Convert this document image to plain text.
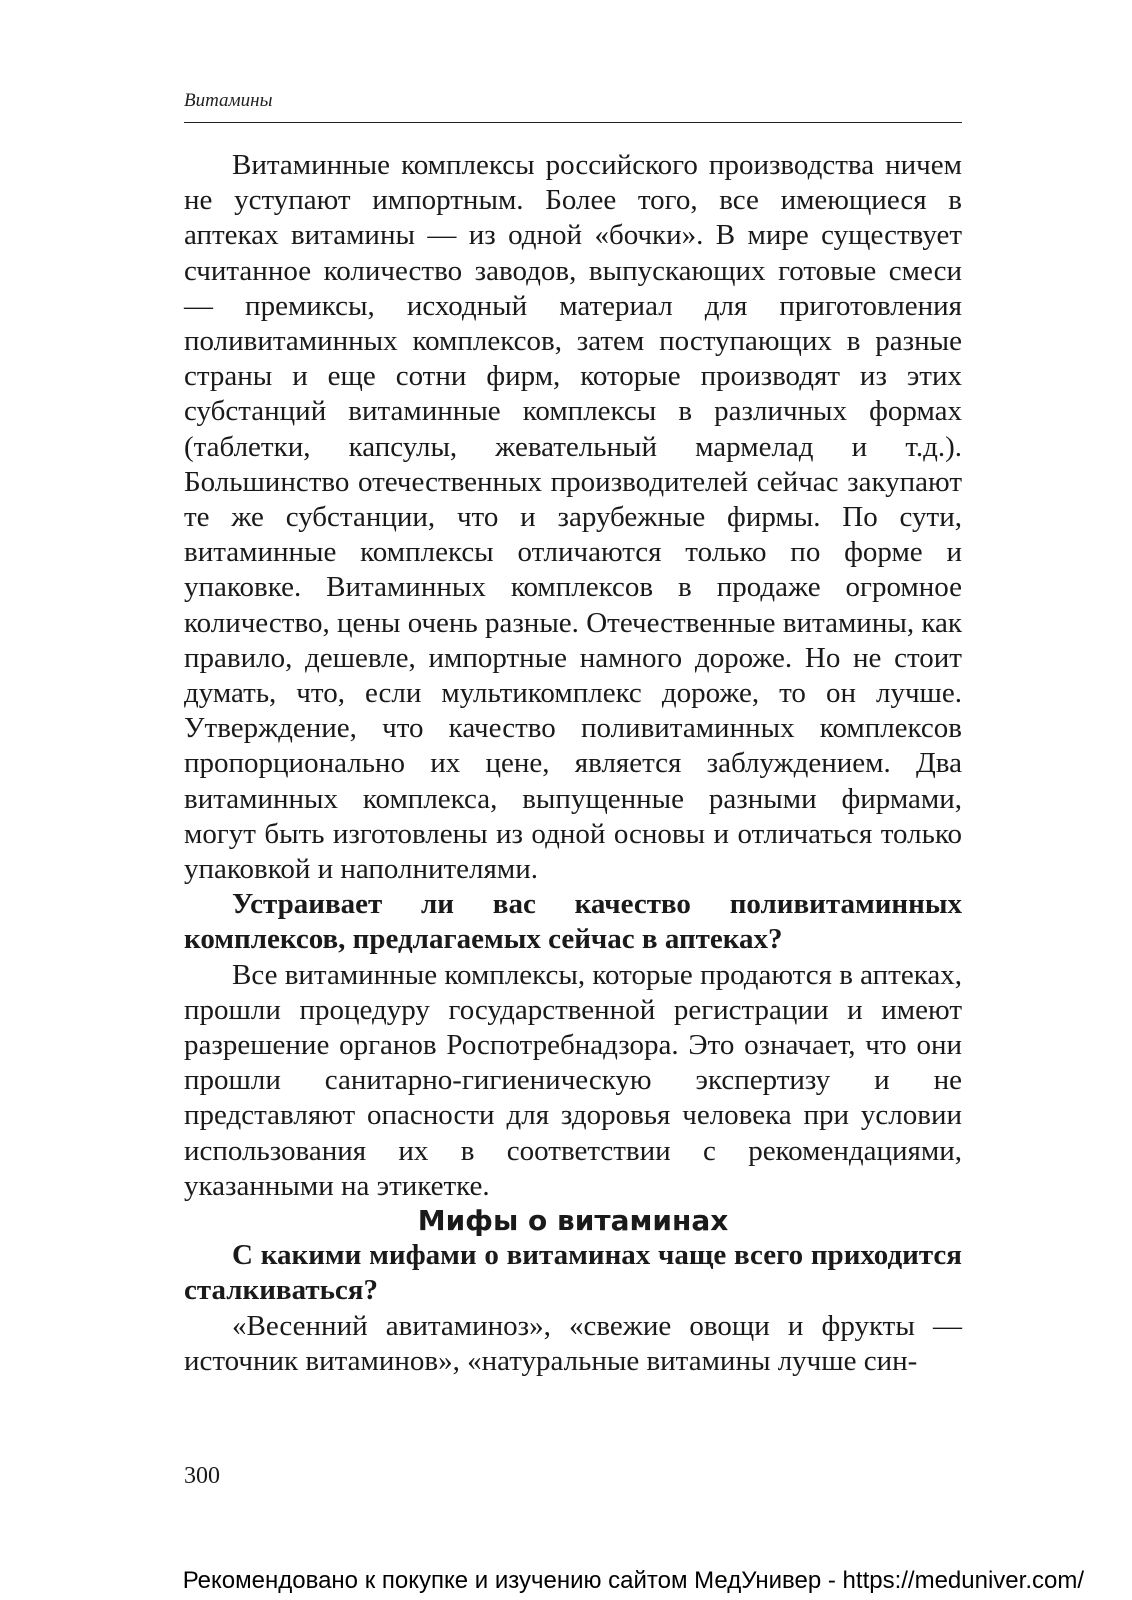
Витамины

Витаминные комплексы российского производства ничем не уступают импортным. Более того, все имеющиеся в аптеках витамины — из одной «бочки». В мире существует считанное количество заводов, выпускающих готовые смеси — премиксы, исходный материал для приготовления поливитаминных комплексов, затем поступающих в разные страны и еще сотни фирм, которые производят из этих субстанций витаминные комплексы в различных формах (таблетки, капсулы, жевательный мармелад и т.д.). Большинство отечественных производителей сейчас закупают те же субстанции, что и зарубежные фирмы. По сути, витаминные комплексы отличаются только по форме и упаковке. Витаминных комплексов в продаже огромное количество, цены очень разные. Отечественные витамины, как правило, дешевле, импортные намного дороже. Но не стоит думать, что, если мультикомплекс дороже, то он лучше. Утверждение, что качество поливитаминных комплексов пропорционально их цене, является заблуждением. Два витаминных комплекса, выпущенные разными фирмами, могут быть изготовлены из одной основы и отличаться только упаковкой и наполнителями.

Устраивает ли вас качество поливитаминных комплексов, предлагаемых сейчас в аптеках?

Все витаминные комплексы, которые продаются в аптеках, прошли процедуру государственной регистрации и имеют разрешение органов Роспотребнадзора. Это означает, что они прошли санитарно-гигиеническую экспертизу и не представляют опасности для здоровья человека при условии использования их в соответствии с рекомендациями, указанными на этикетке.

Мифы о витаминах

С какими мифами о витаминах чаще всего приходится сталкиваться?

«Весенний авитаминоз», «свежие овощи и фрукты — источник витаминов», «натуральные витамины лучше син-

300
Рекомендовано к покупке и изучению сайтом МедУнивер - https://meduniver.com/
